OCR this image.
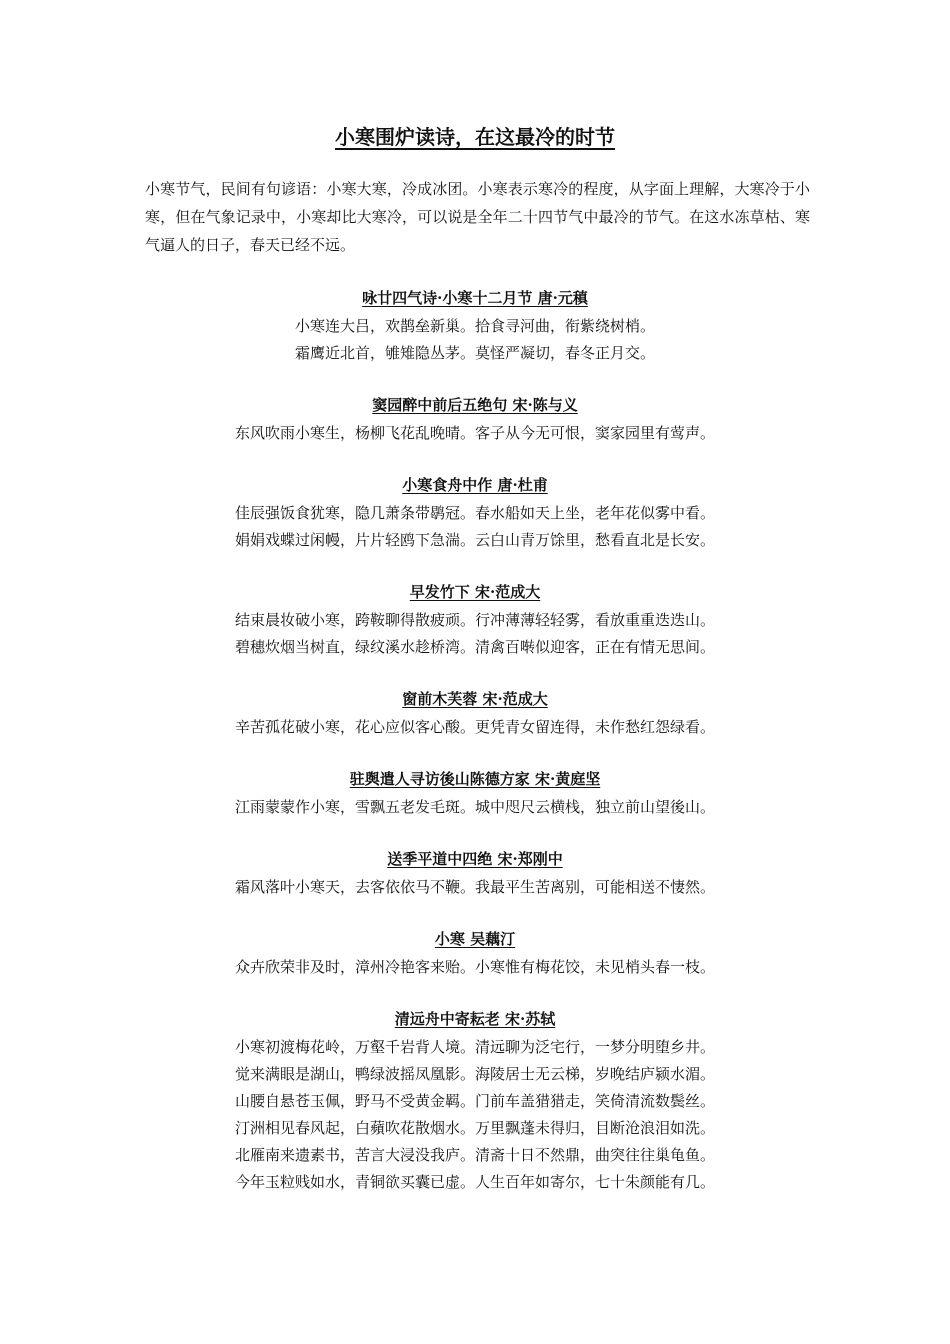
小寒围炉读诗，在这最冷的时节

小寒节气，民间有句谚语：小寒大寒，冷成冰团。小寒表示寒冷的程度，从字面上理解，大寒冷于小寒，但在气象记录中，小寒却比大寒冷，可以说是全年二十四节气中最冷的节气。在这水冻草枯、寒气逼人的日子，春天已经不远。

咏廿四气诗·小寒十二月节 唐·元稹

小寒连大吕，欢鹊垒新巢。拾食寻河曲，衔紫绕树梢。

霜鹰近北首，雊雉隐丛茅。莫怪严凝切，春冬正月交。

窦园醉中前后五绝句 宋·陈与义

东风吹雨小寒生，杨柳飞花乱晚晴。客子从今无可恨，窦家园里有莺声。

小寒食舟中作 唐·杜甫

佳辰强饭食犹寒，隐几萧条带鹖冠。春水船如天上坐，老年花似雾中看。

娟娟戏蝶过闲幔，片片轻鸥下急湍。云白山青万馀里，愁看直北是长安。

早发竹下 宋·范成大

结束晨妆破小寒，跨鞍聊得散疲顽。行冲薄薄轻轻雾，看放重重迭迭山。

碧穗炊烟当树直，绿纹溪水趁桥湾。清禽百啭似迎客，正在有情无思间。

窗前木芙蓉 宋·范成大

辛苦孤花破小寒，花心应似客心酸。更凭青女留连得，未作愁红怨绿看。

驻舆遣人寻访後山陈德方家 宋·黄庭坚

江雨蒙蒙作小寒，雪飘五老发毛斑。城中咫尺云横栈，独立前山望後山。

送季平道中四绝 宋·郑刚中

霜风落叶小寒天，去客依依马不鞭。我最平生苦离别，可能相送不悽然。

小寒 吴藕汀

众卉欣荣非及时，漳州冷艳客来贻。小寒惟有梅花饺，未见梢头春一枝。

清远舟中寄耘老 宋·苏轼

小寒初渡梅花岭，万壑千岩背人境。清远聊为泛宅行，一梦分明堕乡井。

觉来满眼是湖山，鸭绿波摇凤凰影。海陵居士无云梯，岁晚结庐颍水湄。

山腰自悬苍玉佩，野马不受黄金羁。门前车盖猎猎走，笑倚清流数鬓丝。

汀洲相见春风起，白蘋吹花散烟水。万里飘蓬未得归，目断沧浪泪如洗。

北雁南来遗素书，苦言大浸没我庐。清斋十日不然鼎，曲突往往巢龟鱼。

今年玉粒贱如水，青铜欲买囊已虚。人生百年如寄尔，七十朱颜能有几。
